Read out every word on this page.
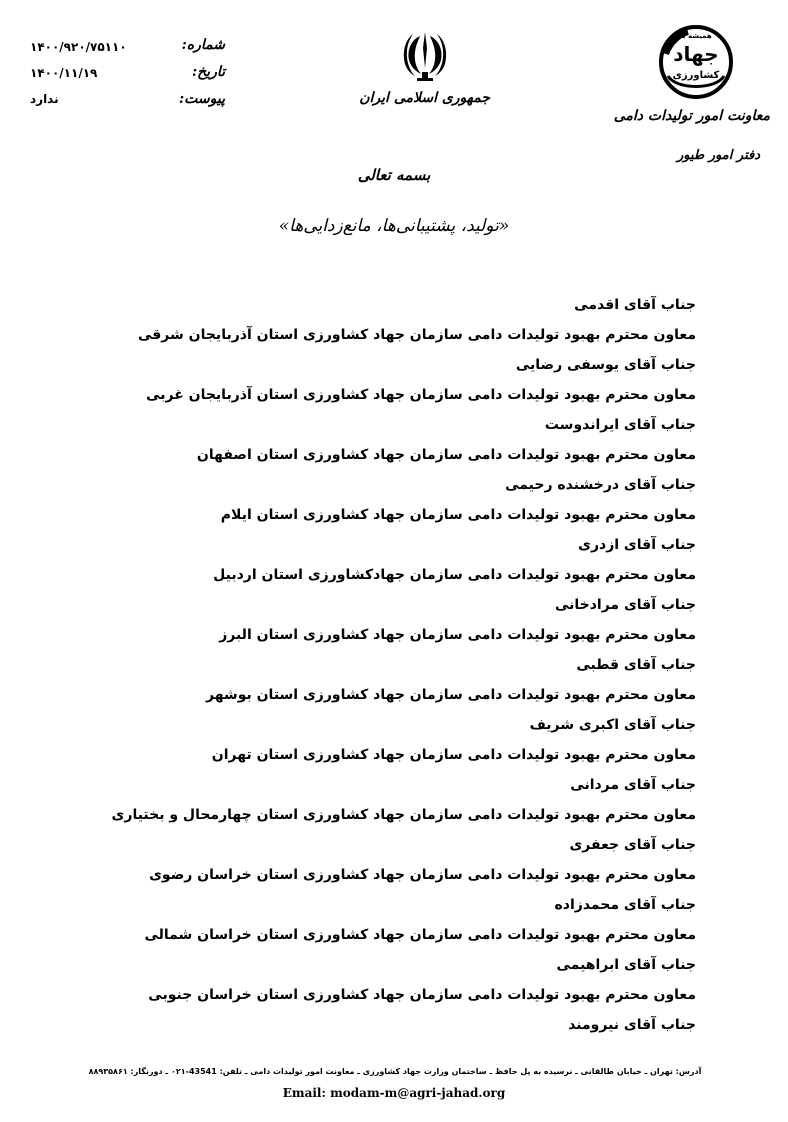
۱۴۰۰/۹۲۰/۷۵۱۱۰
۱۴۰۰/۱۱/۱۹
ندارد
شماره:
تاریخ:
پیوست:	جمهوری اسلامی ایران
همیشه با
جهاد
کشاورزی
معاونت امور تولیدات دامی
دفتر امور طیور
بسمه تعالی
«تولید، پشتیبانی‌ها، مانع‌زدایی‌ها»
جناب آقای اقدمی
معاون محترم بهبود تولیدات دامی سازمان جهاد کشاورزی استان آذربایجان شرقی
جناب آقای یوسفی رضایی
معاون محترم بهبود تولیدات دامی سازمان جهاد کشاورزی استان آذربایجان غربی
جناب آقای ایراندوست
معاون محترم بهبود تولیدات دامی سازمان جهاد کشاورزی استان اصفهان
جناب آقای درخشنده رحیمی
معاون محترم بهبود تولیدات دامی سازمان جهاد کشاورزی استان ایلام
جناب آقای ازدری
معاون محترم بهبود تولیدات دامی سازمان جهادکشاورزی استان اردبیل
جناب آقای مرادخانی
معاون محترم بهبود تولیدات دامی سازمان جهاد کشاورزی استان البرز
جناب آقای قطبی
معاون محترم بهبود تولیدات دامی سازمان جهاد کشاورزی استان بوشهر
جناب آقای اکبری شریف
معاون محترم بهبود تولیدات دامی سازمان جهاد کشاورزی استان تهران
جناب آقای مردانی
معاون محترم بهبود تولیدات دامی سازمان جهاد کشاورزی استان چهارمحال و بختیاری
جناب آقای جعفری
معاون محترم بهبود تولیدات دامی سازمان جهاد کشاورزی استان خراسان رضوی
جناب آقای محمدزاده
معاون محترم بهبود تولیدات دامی سازمان جهاد کشاورزی استان خراسان شمالی
جناب آقای ابراهیمی
معاون محترم بهبود تولیدات دامی سازمان جهاد کشاورزی استان خراسان جنوبی
جناب آقای نیرومند
آدرس: تهران ـ خیابان طالقانی ـ نرسیده به پل حافظ ـ ساختمان وزارت جهاد کشاورزی ـ معاونت امور تولیدات دامی ـ تلفن: 43541-۰۲۱ ـ دورنگار: ۸۸۹۳۵۸۶۱
Email: modam-m@agri-jahad.org
